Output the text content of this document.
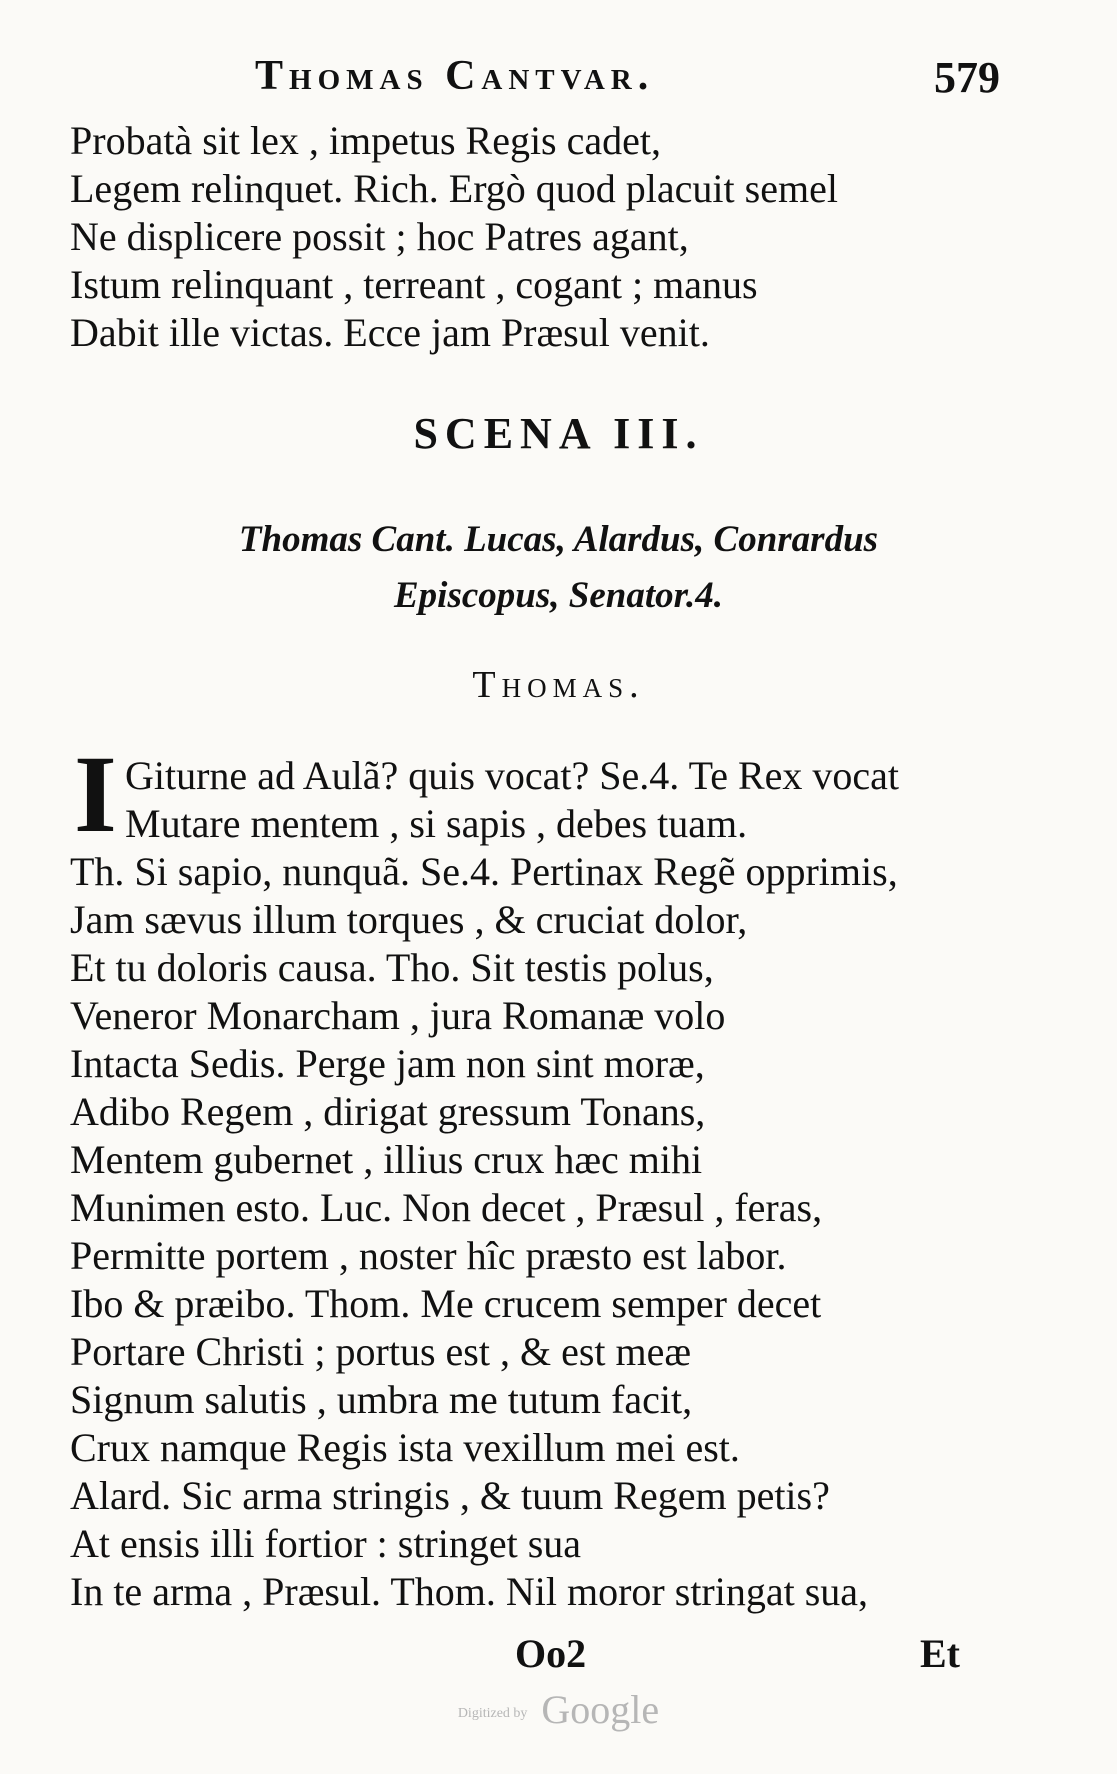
Thomas Cantvar.	579
Probatà sit lex , impetus Regis cadet,
Legem relinquet. Rich. Ergò quod placuit semel
Ne displicere possit ; hoc Patres agant,
Istum relinquant , terreant , cogant ; manus
Dabit ille victas. Ecce jam Præsul venit.
SCENA III.
Thomas Cant. Lucas, Alardus, Conrardus
Episcopus, Senator.4.
Thomas.
I Giturne ad Aulã? quis vocat? Se.4. Te Rex vocat
Mutare mentem , si sapis , debes tuam.
Th. Si sapio, nunquã. Se.4. Pertinax Regẽ opprimis,
Jam sævus illum torques , & cruciat dolor,
Et tu doloris causa. Tho. Sit testis polus,
Veneror Monarcham , jura Romanæ volo
Intacta Sedis. Perge jam non sint moræ,
Adibo Regem , dirigat gressum Tonans,
Mentem gubernet , illius crux hæc mihi
Munimen esto. Luc. Non decet , Præsul , feras,
Permitte portem , noster hîc præsto est labor.
Ibo & præibo. Thom. Me crucem semper decet
Portare Christi ; portus est , & est meæ
Signum salutis , umbra me tutum facit,
Crux namque Regis ista vexillum mei est.
Alard. Sic arma stringis , & tuum Regem petis?
At ensis illi fortior : stringet sua
In te arma , Præsul. Thom. Nil moror stringat sua,
Oo2	Et
Digitized by Google
